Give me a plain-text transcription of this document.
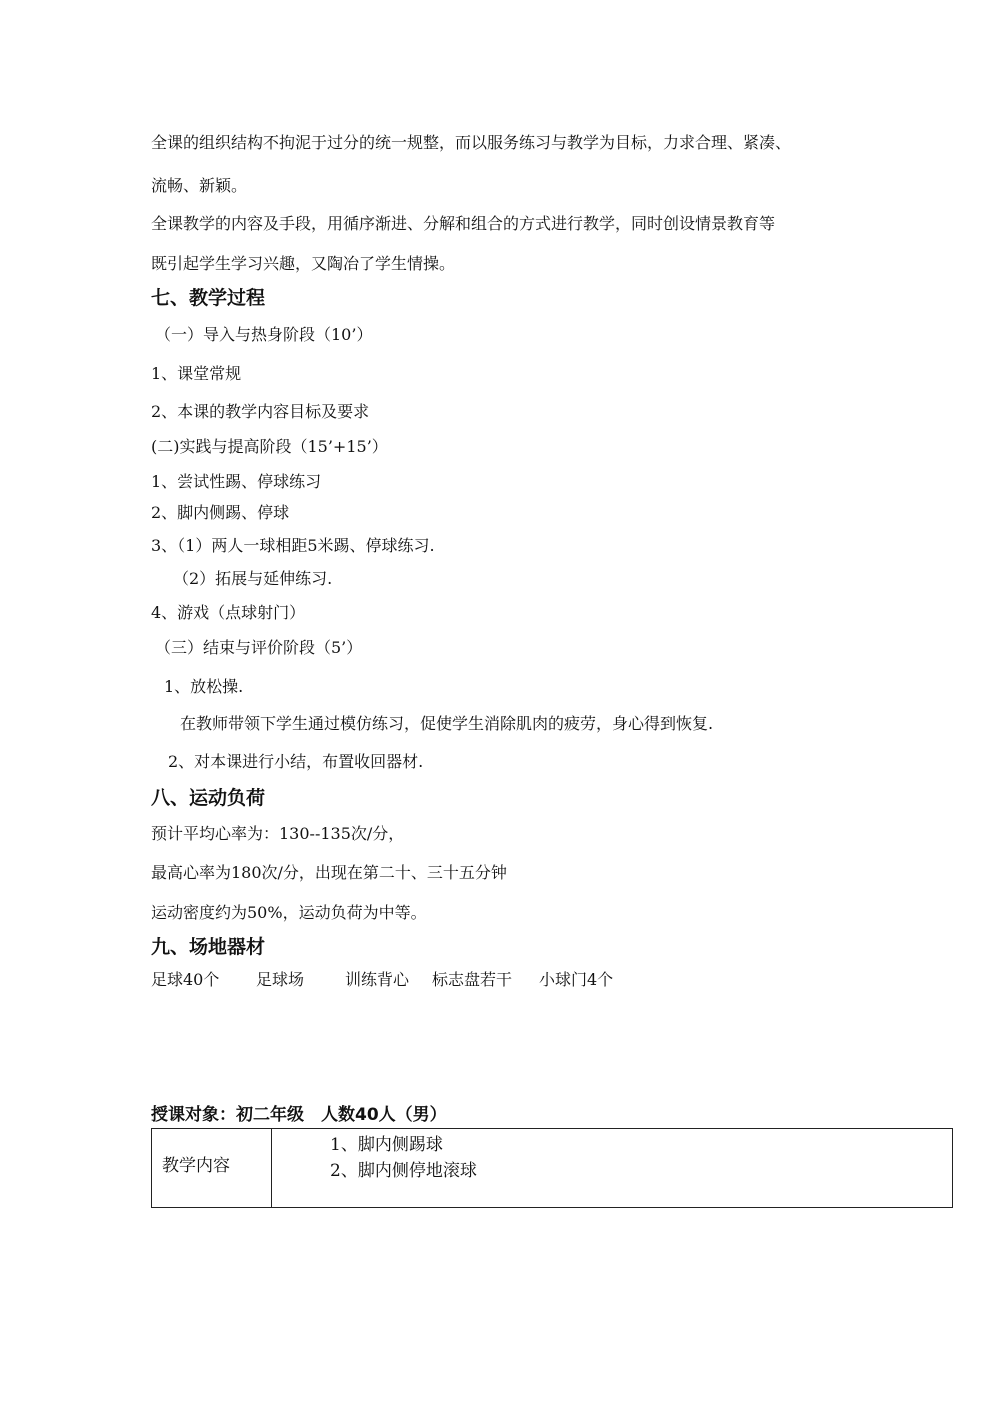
全课的组织结构不拘泥于过分的统一规整，而以服务练习与教学为目标，力求合理、紧凑、
流畅、新颖。
全课教学的内容及手段，用循序渐进、分解和组合的方式进行教学，同时创设情景教育等
既引起学生学习兴趣，又陶冶了学生情操。
七、教学过程
（一）导入与热身阶段（10’）
1、课堂常规
2、本课的教学内容目标及要求
(二)实践与提高阶段（15’+15’）
1、尝试性踢、停球练习
2、脚内侧踢、停球
3、（1）两人一球相距5米踢、停球练习.
（2）拓展与延伸练习.
4、游戏（点球射门）
（三）结束与评价阶段（5’）
1、放松操.
在教师带领下学生通过模仿练习，促使学生消除肌肉的疲劳，身心得到恢复.
2、对本课进行小结，布置收回器材.
八、运动负荷
预计平均心率为：130--135次/分，
最高心率为180次/分，出现在第二十、三十五分钟
运动密度约为50%，运动负荷为中等。
九、场地器材
足球40个 足球场	训练背心 标志盘若干 小球门4个
授课对象：初二年级　人数40人（男）
教学内容

1、脚内侧踢球
2、脚内侧停地滚球
